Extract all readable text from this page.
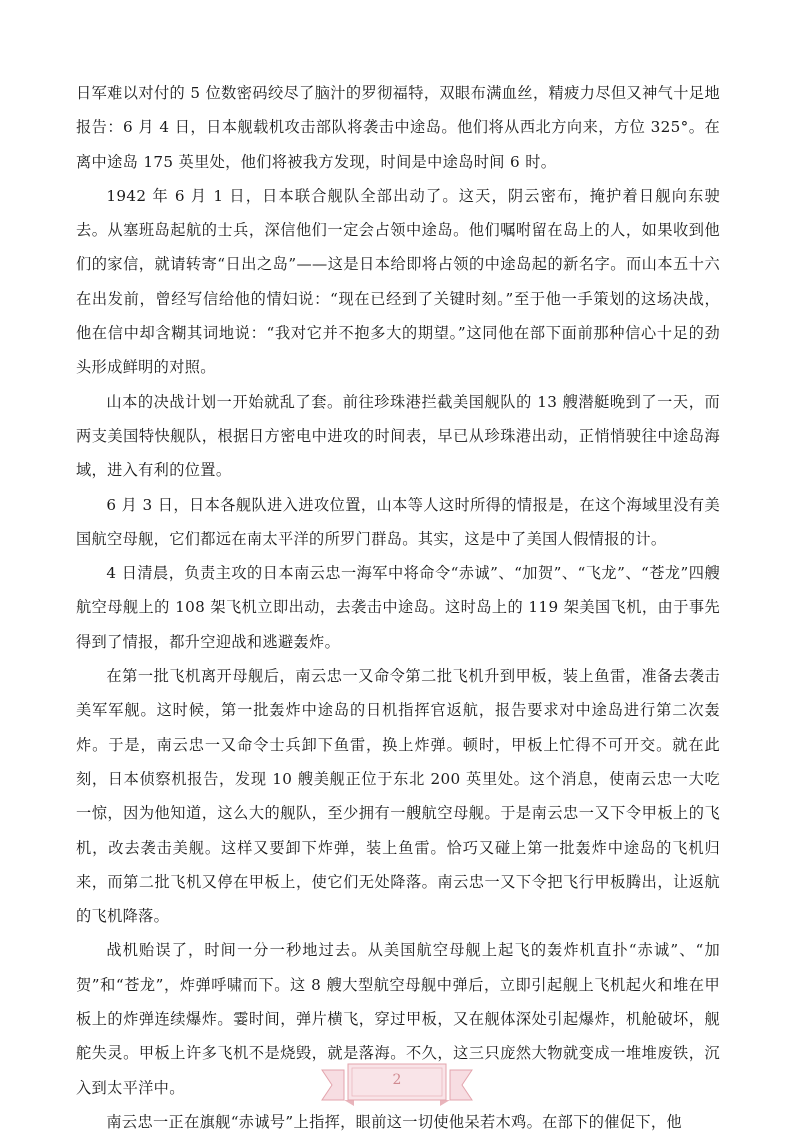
日军难以对付的 5 位数密码绞尽了脑汁的罗彻福特，双眼布满血丝，精疲力尽但又神气十足地报告：6 月 4 日，日本舰载机攻击部队将袭击中途岛。他们将从西北方向来，方位 325°。在离中途岛 175 英里处，他们将被我方发现，时间是中途岛时间 6 时。

1942 年 6 月 1 日，日本联合舰队全部出动了。这天，阴云密布，掩护着日舰向东驶去。从塞班岛起航的士兵，深信他们一定会占领中途岛。他们嘱咐留在岛上的人，如果收到他们的家信，就请转寄“日出之岛”——这是日本给即将占领的中途岛起的新名字。而山本五十六在出发前，曾经写信给他的情妇说：“现在已经到了关键时刻。”至于他一手策划的这场决战，他在信中却含糊其词地说：“我对它并不抱多大的期望。”这同他在部下面前那种信心十足的劲头形成鲜明的对照。

山本的决战计划一开始就乱了套。前往珍珠港拦截美国舰队的 13 艘潜艇晚到了一天，而两支美国特快舰队，根据日方密电中进攻的时间表，早已从珍珠港出动，正悄悄驶往中途岛海域，进入有利的位置。

6 月 3 日，日本各舰队进入进攻位置，山本等人这时所得的情报是，在这个海域里没有美国航空母舰，它们都远在南太平洋的所罗门群岛。其实，这是中了美国人假情报的计。

4 日清晨，负责主攻的日本南云忠一海军中将命令“赤诚”、“加贺”、“飞龙”、“苍龙”四艘航空母舰上的 108 架飞机立即出动，去袭击中途岛。这时岛上的 119 架美国飞机，由于事先得到了情报，都升空迎战和逃避轰炸。

在第一批飞机离开母舰后，南云忠一又命令第二批飞机升到甲板，装上鱼雷，准备去袭击美军军舰。这时候，第一批轰炸中途岛的日机指挥官返航，报告要求对中途岛进行第二次轰炸。于是，南云忠一又命令士兵卸下鱼雷，换上炸弹。顿时，甲板上忙得不可开交。就在此刻，日本侦察机报告，发现 10 艘美舰正位于东北 200 英里处。这个消息，使南云忠一大吃一惊，因为他知道，这么大的舰队，至少拥有一艘航空母舰。于是南云忠一又下令甲板上的飞机，改去袭击美舰。这样又要卸下炸弹，装上鱼雷。恰巧又碰上第一批轰炸中途岛的飞机归来，而第二批飞机又停在甲板上，使它们无处降落。南云忠一又下令把飞行甲板腾出，让返航的飞机降落。

战机贻误了，时间一分一秒地过去。从美国航空母舰上起飞的轰炸机直扑“赤诚”、“加贺”和“苍龙”，炸弹呼啸而下。这 8 艘大型航空母舰中弹后，立即引起舰上飞机起火和堆在甲板上的炸弹连续爆炸。霎时间，弹片横飞，穿过甲板，又在舰体深处引起爆炸，机舱破坏，舰舵失灵。甲板上许多飞机不是烧毁，就是落海。不久，这三只庞然大物就变成一堆堆废铁，沉入到太平洋中。

南云忠一正在旗舰“赤诚号”上指挥，眼前这一切使他呆若木鸡。在部下的催促下，他

2
